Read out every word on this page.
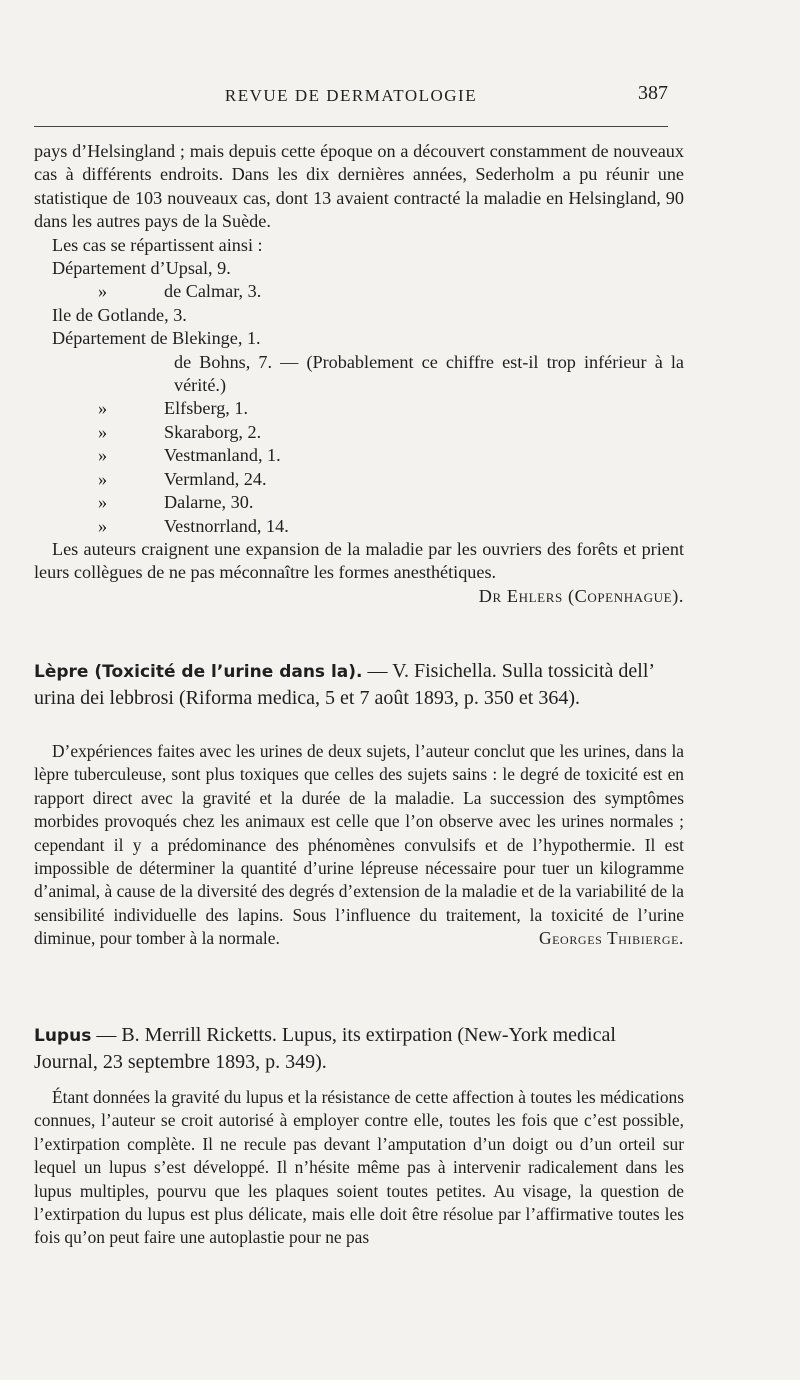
REVUE DE DERMATOLOGIE	387

pays d’Helsingland ; mais depuis cette époque on a découvert constamment de nouveaux cas à différents endroits. Dans les dix dernières années, Sederholm a pu réunir une statistique de 103 nouveaux cas, dont 13 avaient contracté la maladie en Helsingland, 90 dans les autres pays de la Suède.

Les cas se répartissent ainsi :

Département d’Upsal, 9.
»	de Calmar, 3.
Ile de Gotlande, 3.
Département de Blekinge, 1.
de Bohns, 7. — (Probablement ce chiffre est-il trop inférieur à la vérité.)
»	Elfsberg, 1.
»	Skaraborg, 2.
»	Vestmanland, 1.
»	Vermland, 24.
»	Dalarne, 30.
»	Vestnorrland, 14.

Les auteurs craignent une expansion de la maladie par les ouvriers des forêts et prient leurs collègues de ne pas méconnaître les formes anesthétiques.
Dr Ehlers (Copenhague).

Lèpre (Toxicité de l’urine dans la). — V. Fisichella. Sulla tossicità dell’ urina dei lebbrosi (Riforma medica, 5 et 7 août 1893, p. 350 et 364).

D’expériences faites avec les urines de deux sujets, l’auteur conclut que les urines, dans la lèpre tuberculeuse, sont plus toxiques que celles des sujets sains : le degré de toxicité est en rapport direct avec la gravité et la durée de la maladie. La succession des symptômes morbides provoqués chez les animaux est celle que l’on observe avec les urines normales ; cependant il y a prédominance des phénomènes convulsifs et de l’hypothermie. Il est impossible de déterminer la quantité d’urine lépreuse nécessaire pour tuer un kilogramme d’animal, à cause de la diversité des degrés d’extension de la maladie et de la variabilité de la sensibilité individuelle des lapins. Sous l’influence du traitement, la toxicité de l’urine diminue, pour tomber à la normale.	Georges Thibierge.

Lupus — B. Merrill Ricketts. Lupus, its extirpation (New-York medical Journal, 23 septembre 1893, p. 349).

Étant données la gravité du lupus et la résistance de cette affection à toutes les médications connues, l’auteur se croit autorisé à employer contre elle, toutes les fois que c’est possible, l’extirpation complète. Il ne recule pas devant l’amputation d’un doigt ou d’un orteil sur lequel un lupus s’est développé. Il n’hésite même pas à intervenir radicalement dans les lupus multiples, pourvu que les plaques soient toutes petites. Au visage, la question de l’extirpation du lupus est plus délicate, mais elle doit être résolue par l’affirmative toutes les fois qu’on peut faire une autoplastie pour ne pas
